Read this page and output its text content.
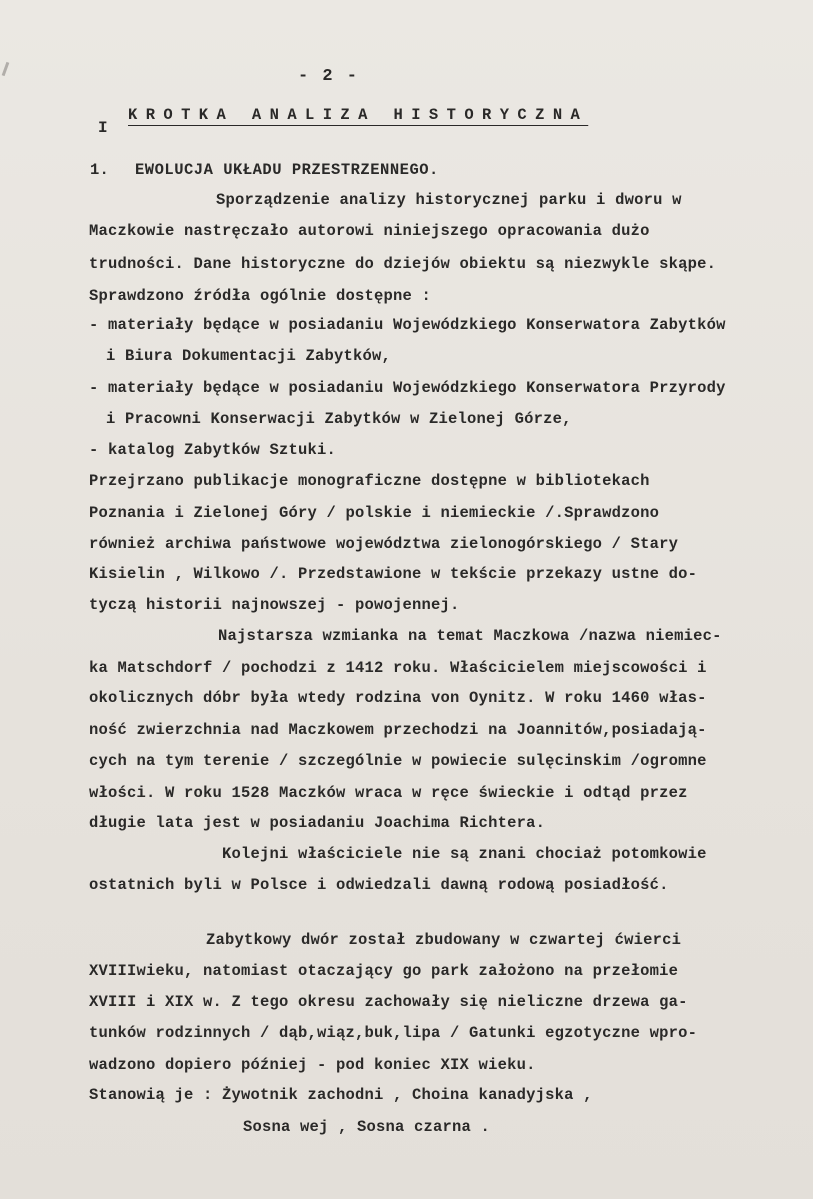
- 2 -
I
KROTKA ANALIZA HISTORYCZNA
1. EWOLUCJA UKŁADU PRZESTRZENNEGO.
Sporządzenie analizy historycznej parku i dworu w
Maczkowie nastręczało autorowi niniejszego opracowania dużo
trudności. Dane historyczne do dziejów obiektu są niezwykle skąpe.
Sprawdzono źródła ogólnie dostępne :
- materiały będące w posiadaniu Wojewódzkiego Konserwatora Zabytków
i Biura Dokumentacji Zabytków,
- materiały będące w posiadaniu Wojewódzkiego Konserwatora Przyrody
i Pracowni Konserwacji Zabytków w Zielonej Górze,
- katalog Zabytków Sztuki.
Przejrzano publikacje monograficzne dostępne w bibliotekach
Poznania i Zielonej Góry / polskie i niemieckie /.Sprawdzono
również archiwa państwowe województwa zielonogórskiego / Stary
Kisielin , Wilkowo /. Przedstawione w tekście przekazy ustne do-
tyczą historii najnowszej - powojennej.
Najstarsza wzmianka na temat Maczkowa /nazwa niemiec-
ka Matschdorf / pochodzi z 1412 roku. Właścicielem miejscowości i
okolicznych dóbr była wtedy rodzina von Oynitz. W roku 1460 włas-
ność zwierzchnia nad Maczkowem przechodzi na Joannitów,posiadają-
cych na tym terenie / szczególnie w powiecie sulęcinskim /ogromne
włości. W roku 1528 Maczków wraca w ręce świeckie i odtąd przez
długie lata jest w posiadaniu Joachima Richtera.
Kolejni właściciele nie są znani chociaż potomkowie
ostatnich byli w Polsce i odwiedzali dawną rodową posiadłość.
Zabytkowy dwór został zbudowany w czwartej ćwierci
XVIIIwieku, natomiast otaczający go park założono na przełomie
XVIII i XIX w. Z tego okresu zachowały się nieliczne drzewa ga-
tunków rodzinnych / dąb,wiąz,buk,lipa / Gatunki egzotyczne wpro-
wadzono dopiero później - pod koniec XIX wieku.
Stanowią je : Żywotnik zachodni , Choina kanadyjska ,
Sosna wej , Sosna czarna .
